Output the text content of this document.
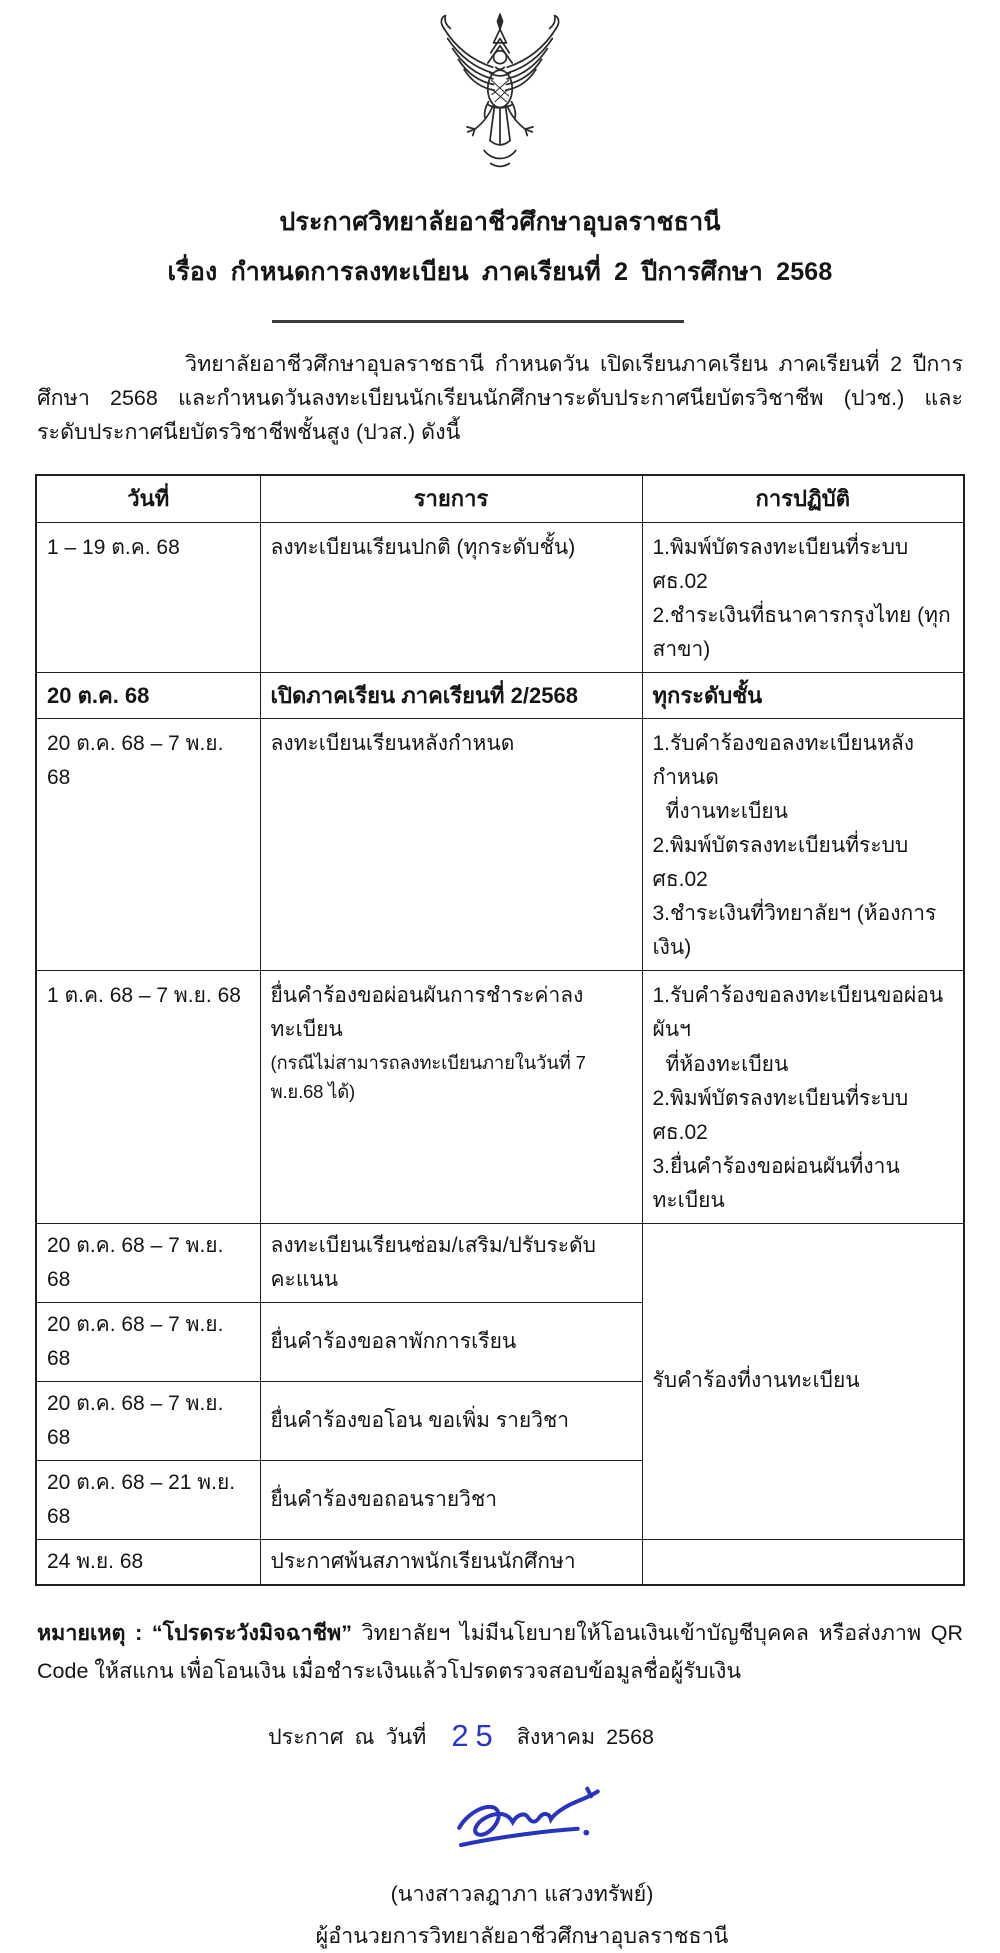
ประกาศวิทยาลัยอาชีวศึกษาอุบลราชธานี
เรื่อง กำหนดการลงทะเบียน ภาคเรียนที่ 2 ปีการศึกษา 2568

วิทยาลัยอาชีวศึกษาอุบลราชธานี กำหนดวัน เปิดเรียนภาคเรียน ภาคเรียนที่ 2 ปีการศึกษา 2568 และกำหนดวันลงทะเบียนนักเรียนนักศึกษาระดับประกาศนียบัตรวิชาชีพ (ปวช.) และ ระดับประกาศนียบัตรวิชาชีพชั้นสูง (ปวส.) ดังนี้

วันที่	รายการ	การปฏิบัติ
1 – 19 ต.ค. 68	ลงทะเบียนเรียนปกติ (ทุกระดับชั้น)	1.พิมพ์บัตรลงทะเบียนที่ระบบ ศธ.02
2.ชำระเงินที่ธนาคารกรุงไทย (ทุกสาขา)

20 ต.ค. 68	เปิดภาคเรียน ภาคเรียนที่ 2/2568	ทุกระดับชั้น
20 ต.ค. 68 – 7 พ.ย. 68	ลงทะเบียนเรียนหลังกำหนด	1.รับคำร้องขอลงทะเบียนหลังกำหนด
ที่งานทะเบียน
2.พิมพ์บัตรลงทะเบียนที่ระบบ ศธ.02
3.ชำระเงินที่วิทยาลัยฯ (ห้องการเงิน)

1 ต.ค. 68 – 7 พ.ย. 68	ยื่นคำร้องขอผ่อนผันการชำระค่าลงทะเบียน
(กรณีไม่สามารถลงทะเบียนภายในวันที่ 7 พ.ย.68 ได้)

1.รับคำร้องขอลงทะเบียนขอผ่อนผันฯ
ที่ห้องทะเบียน
2.พิมพ์บัตรลงทะเบียนที่ระบบ ศธ.02
3.ยื่นคำร้องขอผ่อนผันที่งานทะเบียน

20 ต.ค. 68 – 7 พ.ย. 68	ลงทะเบียนเรียนซ่อม/เสริม/ปรับระดับคะแนน	รับคำร้องที่งานทะเบียน
20 ต.ค. 68 – 7 พ.ย. 68	ยื่นคำร้องขอลาพักการเรียน	
20 ต.ค. 68 – 7 พ.ย. 68	ยื่นคำร้องขอโอน ขอเพิ่ม รายวิชา	
20 ต.ค. 68 – 21 พ.ย. 68	ยื่นคำร้องขอถอนรายวิชา	
24 พ.ย. 68	ประกาศพ้นสภาพนักเรียนนักศึกษา	
หมายเหตุ : “โปรดระวังมิจฉาชีพ” วิทยาลัยฯ ไม่มีนโยบายให้โอนเงินเข้าบัญชีบุคคล หรือส่งภาพ QR Code ให้สแกน เพื่อโอนเงิน เมื่อชำระเงินแล้วโปรดตรวจสอบข้อมูลชื่อผู้รับเงิน
ประกาศ ณ วันที่ 25 สิงหาคม 2568
(นางสาวลฎาภา แสวงทรัพย์)
ผู้อำนวยการวิทยาลัยอาชีวศึกษาอุบลราชธานี
